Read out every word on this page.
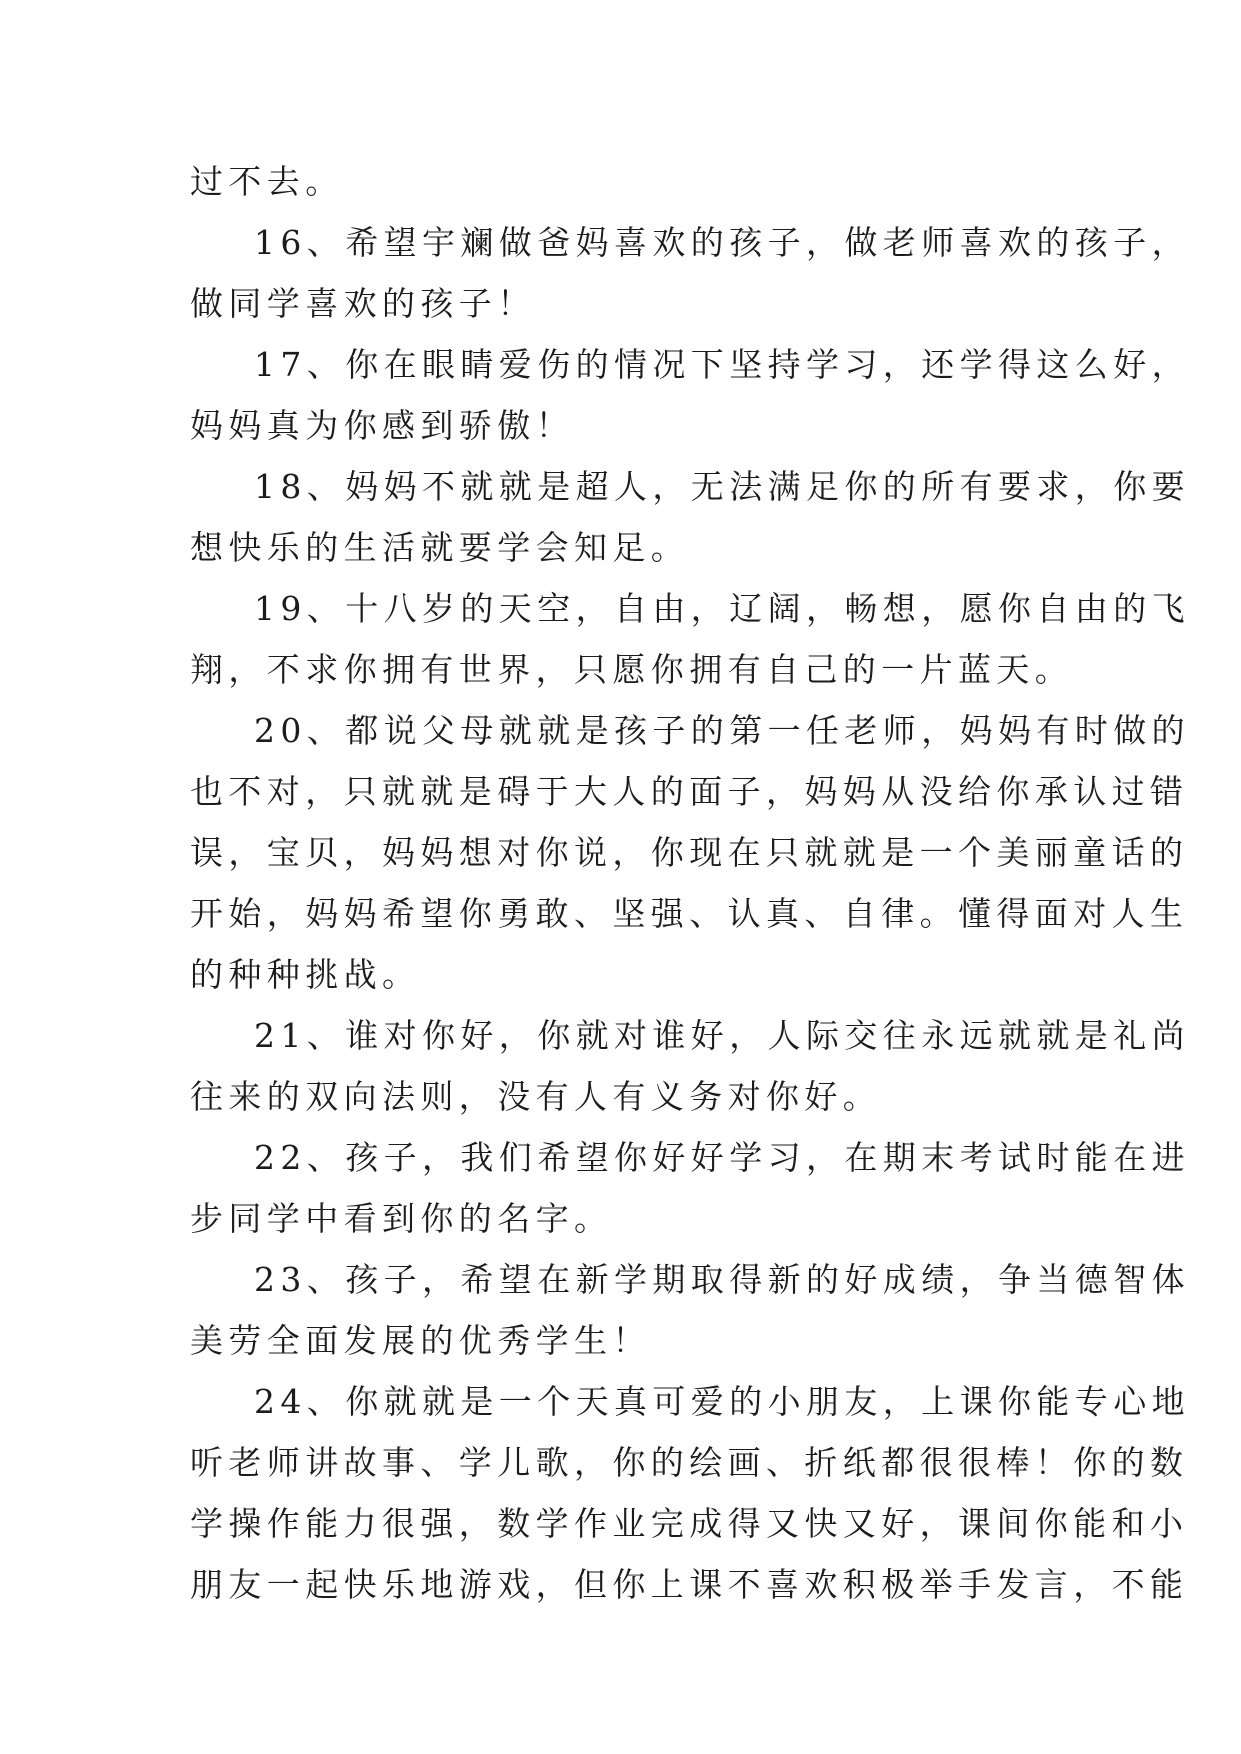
过不去。

16、希望宇斓做爸妈喜欢的孩子，做老师喜欢的孩子，

做同学喜欢的孩子！

17、你在眼睛爱伤的情况下坚持学习，还学得这么好，

妈妈真为你感到骄傲！

18、妈妈不就就是超人，无法满足你的所有要求，你要

想快乐的生活就要学会知足。

19、十八岁的天空，自由，辽阔，畅想，愿你自由的飞

翔，不求你拥有世界，只愿你拥有自己的一片蓝天。

20、都说父母就就是孩子的第一任老师，妈妈有时做的

也不对，只就就是碍于大人的面子，妈妈从没给你承认过错

误，宝贝，妈妈想对你说，你现在只就就是一个美丽童话的

开始，妈妈希望你勇敢、坚强、认真、自律。懂得面对人生

的种种挑战。

21、谁对你好，你就对谁好，人际交往永远就就是礼尚

往来的双向法则，没有人有义务对你好。

22、孩子，我们希望你好好学习，在期末考试时能在进

步同学中看到你的名字。

23、孩子，希望在新学期取得新的好成绩，争当德智体

美劳全面发展的优秀学生！

24、你就就是一个天真可爱的小朋友，上课你能专心地

听老师讲故事、学儿歌，你的绘画、折纸都很很棒！你的数

学操作能力很强，数学作业完成得又快又好，课间你能和小

朋友一起快乐地游戏，但你上课不喜欢积极举手发言，不能
